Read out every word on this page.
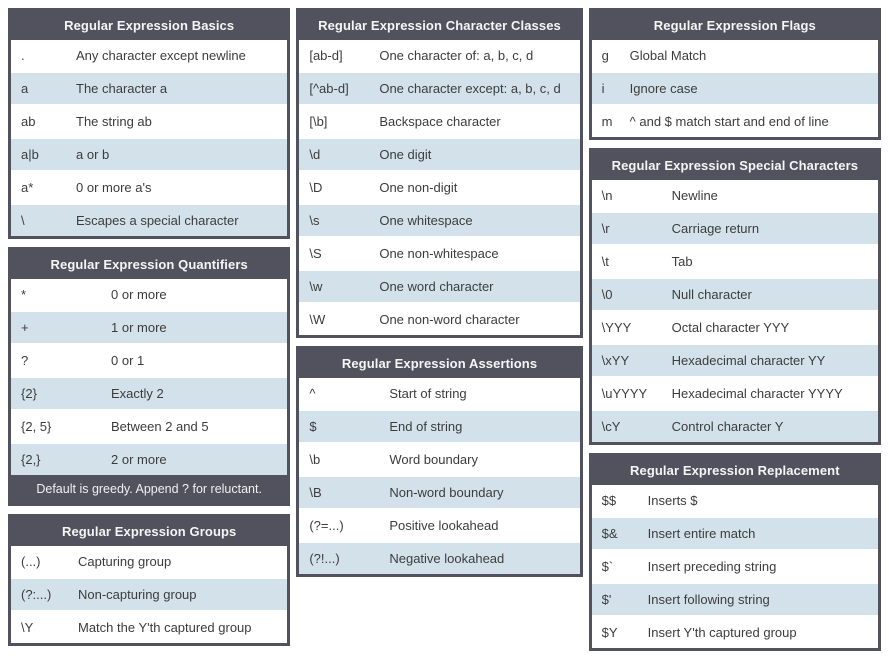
Regular Expression Basics
.	Any character except newline
a	The character a
ab	The string ab
a|b	a or b
a*	0 or more a's
\	Escapes a special character
Regular Expression Quantifiers
*	0 or more
+	1 or more
?	0 or 1
{2}	Exactly 2
{2, 5}	Between 2 and 5
{2,}	2 or more
Default is greedy. Append ? for reluctant.
Regular Expression Groups
(...)	Capturing group
(?:...)	Non-capturing group
\Y	Match the Y'th captured group
Regular Expression Character Classes
[ab-d]	One character of: a, b, c, d
[^ab-d]	One character except: a, b, c, d
[\b]	Backspace character
\d	One digit
\D	One non-digit
\s	One whitespace
\S	One non-whitespace
\w	One word character
\W	One non-word character
Regular Expression Assertions
^	Start of string
$	End of string
\b	Word boundary
\B	Non-word boundary
(?=...)	Positive lookahead
(?!...)	Negative lookahead
Regular Expression Flags
g	Global Match
i	Ignore case
m	^ and $ match start and end of line
Regular Expression Special Characters
\n	Newline
\r	Carriage return
\t	Tab
\0	Null character
\YYY	Octal character YYY
\xYY	Hexadecimal character YY
\uYYYY	Hexadecimal character YYYY
\cY	Control character Y
Regular Expression Replacement
$$	Inserts $
$&	Insert entire match
$`	Insert preceding string
$'	Insert following string
$Y	Insert Y'th captured group
